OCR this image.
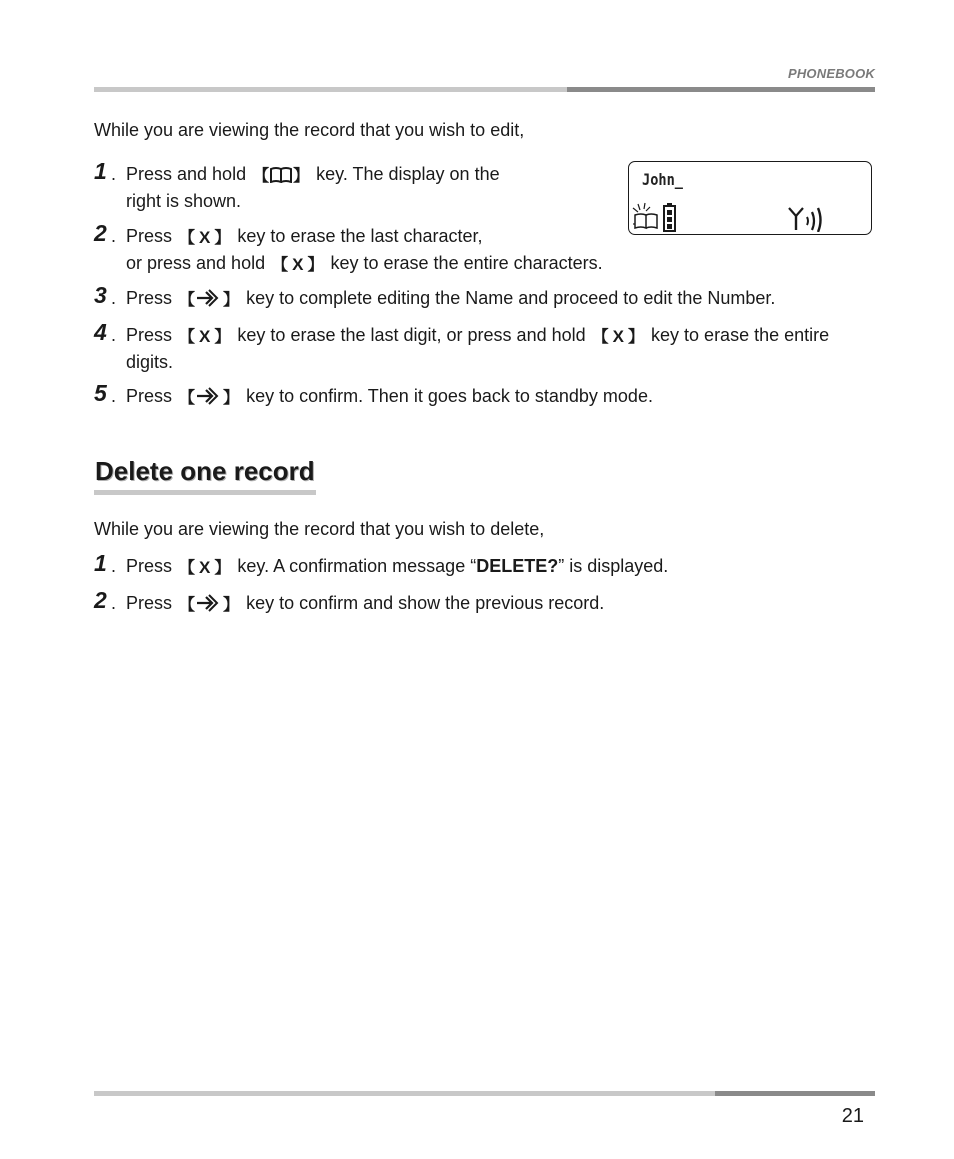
PHONEBOOK
While you are viewing the record that you wish to edit,
1 . Press and hold 【 】 key. The display on the
right is shown.
2 . Press 【 X 】 key to erase the last character,
or press and hold 【 X 】 key to erase the entire characters.
3 . Press 【 】 key to complete editing the Name and proceed to edit the Number.
4 . Press 【 X 】 key to erase the last digit, or press and hold 【 X 】 key to erase the entire
digits.
5 . Press 【 】 key to confirm. Then it goes back to standby mode.
John_
Delete one record
While you are viewing the record that you wish to delete,
1 . Press 【 X 】 key. A confirmation message “DELETE?” is displayed.
2 . Press 【 】 key to confirm and show the previous record.
21
